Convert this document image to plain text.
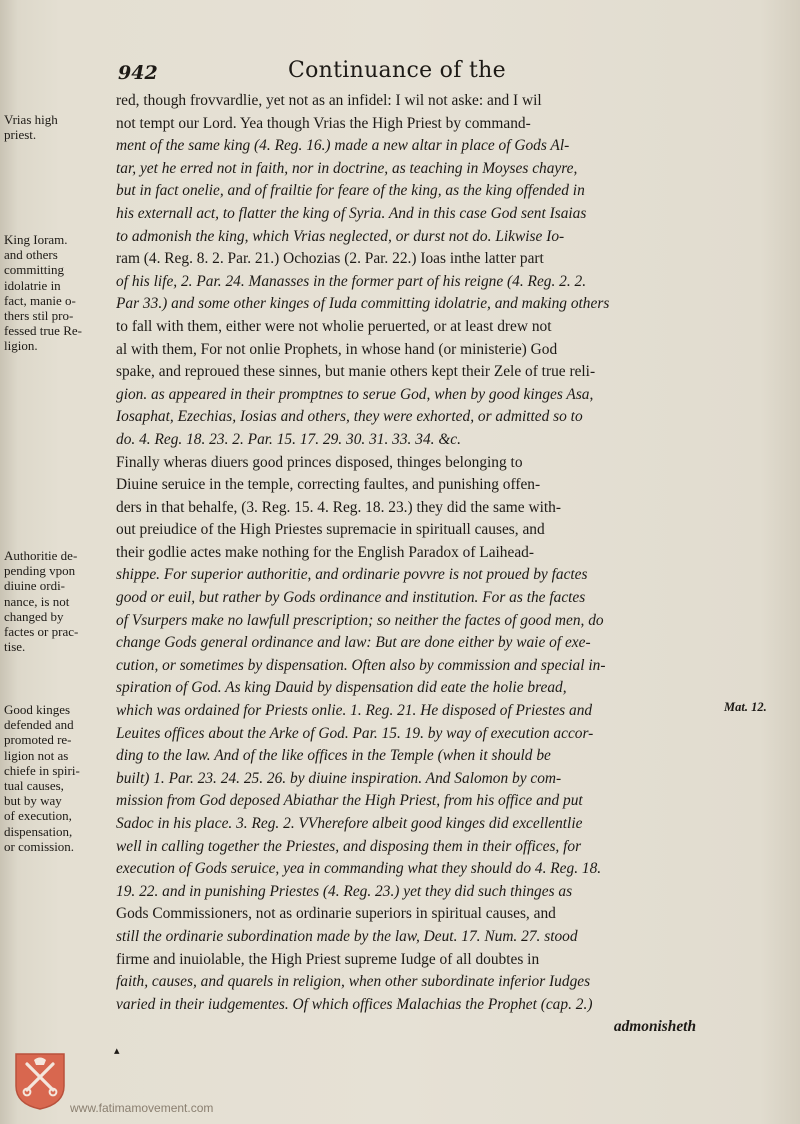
942	Continuance of the
Vrias high
priest.
King Ioram.
and others
committing
idolatrie in
fact, manie o-
thers stil pro-
fessed true Re-
ligion.
Authoritie de-
pending vpon
diuine ordi-
nance, is not
changed by
factes or prac-
tise.
Good kinges
defended and
promoted re-
ligion not as
chiefe in spiri-
tual causes,
but by way
of execution,
dispensation,
or comission.
Mat. 12.
red, though frovvardlie, yet not as an infidel: I wil not aske: and I wil
not tempt our Lord. Yea though Vrias the High Priest by command-
ment of the same king (4. Reg. 16.) made a new altar in place of Gods Al-
tar, yet he erred not in faith, nor in doctrine, as teaching in Moyses chayre,
but in fact onelie, and of frailtie for feare of the king, as the king offended in
his externall act, to flatter the king of Syria. And in this case God sent Isaias
to admonish the king, which Vrias neglected, or durst not do. Likwise Io-
ram (4. Reg. 8. 2. Par. 21.) Ochozias (2. Par. 22.) Ioas inthe latter part
of his life, 2. Par. 24. Manasses in the former part of his reigne (4. Reg. 2. 2.
Par 33.) and some other kinges of Iuda committing idolatrie, and making others
to fall with them, either were not wholie peruerted, or at least drew not
al with them, For not onlie Prophets, in whose hand (or ministerie) God
spake, and reproued these sinnes, but manie others kept their Zele of true reli-
gion. as appeared in their promptnes to serue God, when by good kinges Asa,
Iosaphat, Ezechias, Iosias and others, they were exhorted, or admitted so to
do. 4. Reg. 18. 23. 2. Par. 15. 17. 29. 30. 31. 33. 34. &c.
Finally wheras diuers good princes disposed, thinges belonging to
Diuine seruice in the temple, correcting faultes, and punishing offen-
ders in that behalfe, (3. Reg. 15. 4. Reg. 18. 23.) they did the same with-
out preiudice of the High Priestes supremacie in spirituall causes, and
their godlie actes make nothing for the English Paradox of Laihead-
shippe. For superior authoritie, and ordinarie povvre is not proued by factes
good or euil, but rather by Gods ordinance and institution. For as the factes
of Vsurpers make no lawfull prescription; so neither the factes of good men, do
change Gods general ordinance and law: But are done either by waie of exe-
cution, or sometimes by dispensation. Often also by commission and special in-
spiration of God. As king Dauid by dispensation did eate the holie bread,
which was ordained for Priests onlie. 1. Reg. 21. He disposed of Priestes and
Leuites offices about the Arke of God. Par. 15. 19. by way of execution accor-
ding to the law. And of the like offices in the Temple (when it should be
built) 1. Par. 23. 24. 25. 26. by diuine inspiration. And Salomon by com-
mission from God deposed Abiathar the High Priest, from his office and put
Sadoc in his place. 3. Reg. 2. VVherefore albeit good kinges did excellentlie
well in calling together the Priestes, and disposing them in their offices, for
execution of Gods seruice, yea in commanding what they should do 4. Reg. 18.
19. 22. and in punishing Priestes (4. Reg. 23.) yet they did such thinges as
Gods Commissioners, not as ordinarie superiors in spiritual causes, and
still the ordinarie subordination made by the law, Deut. 17. Num. 27. stood
firme and inuiolable, the High Priest supreme Iudge of all doubtes in
faith, causes, and quarels in religion, when other subordinate inferior Iudges
varied in their iudgementes. Of which offices Malachias the Prophet (cap. 2.)
admonisheth
▴
www.fatimamovement.com
